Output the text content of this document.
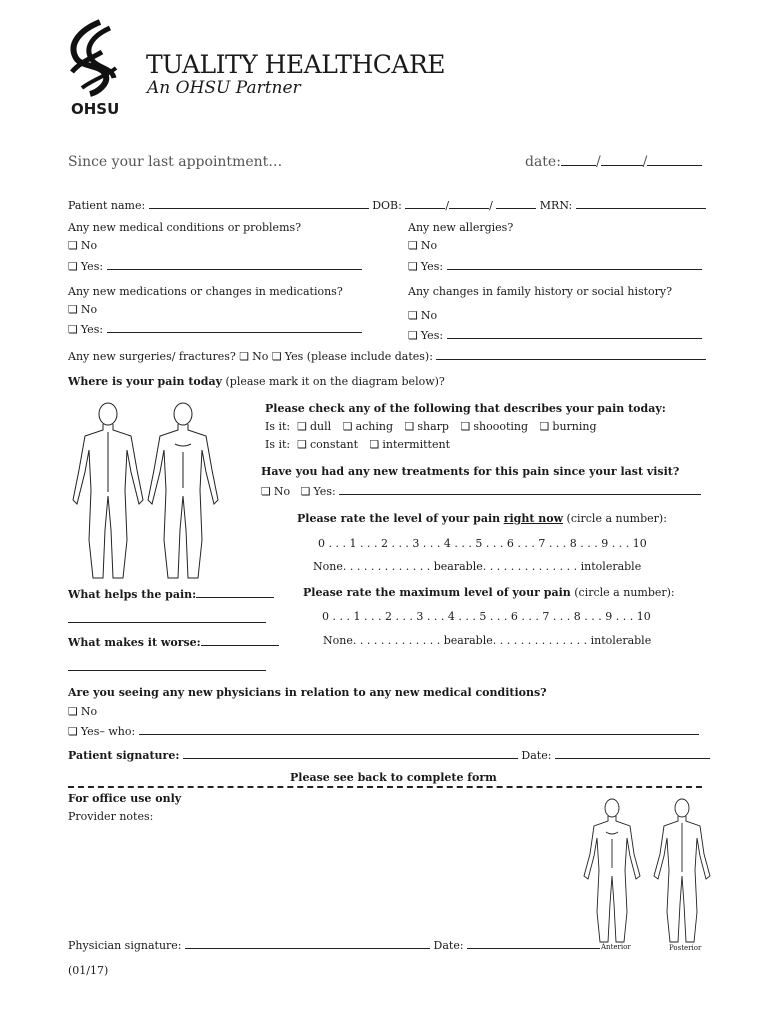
OHSU
TUALITY HEALTHCARE
An OHSU Partner
Since your last appointment…	date:	/	/
Patient name:	DOB:	/	/	MRN:
Any new medical conditions or problems?
❏ No
❏ Yes:
Any new allergies?
❏ No
❏ Yes:
Any new medications or changes in medications?
❏ No
❏ Yes:
Any changes in family history or social history?
❏ No
❏ Yes:
Any new surgeries/ fractures? ❏ No ❏ Yes (please include dates):
Where is your pain today (please mark it on the diagram below)?
Please check any of the following that describes your pain today:
Is it: ❏ dull ❏ aching ❏ sharp ❏ shoooting ❏ burning
Is it: ❏ constant ❏ intermittent
Have you had any new treatments for this pain since your last visit?
❏ No ❏ Yes:
Please rate the level of your pain right now (circle a number):
0 . . . 1 . . . 2 . . . 3 . . . 4 . . . 5 . . . 6 . . . 7 . . . 8 . . . 9 . . . 10
None. . . . . . . . . . . . . bearable. . . . . . . . . . . . . . intolerable
What helps the pain:	Please rate the maximum level of your pain (circle a number):
0 . . . 1 . . . 2 . . . 3 . . . 4 . . . 5 . . . 6 . . . 7 . . . 8 . . . 9 . . . 10
None. . . . . . . . . . . . . bearable. . . . . . . . . . . . . . intolerable
What makes it worse:
Are you seeing any new physicians in relation to any new medical conditions?
❏ No
❏ Yes– who:
Patient signature:	Date:
Please see back to complete form
For office use only
Provider notes:
Anterior	Posterior
Physician signature:	Date:
(01/17)
